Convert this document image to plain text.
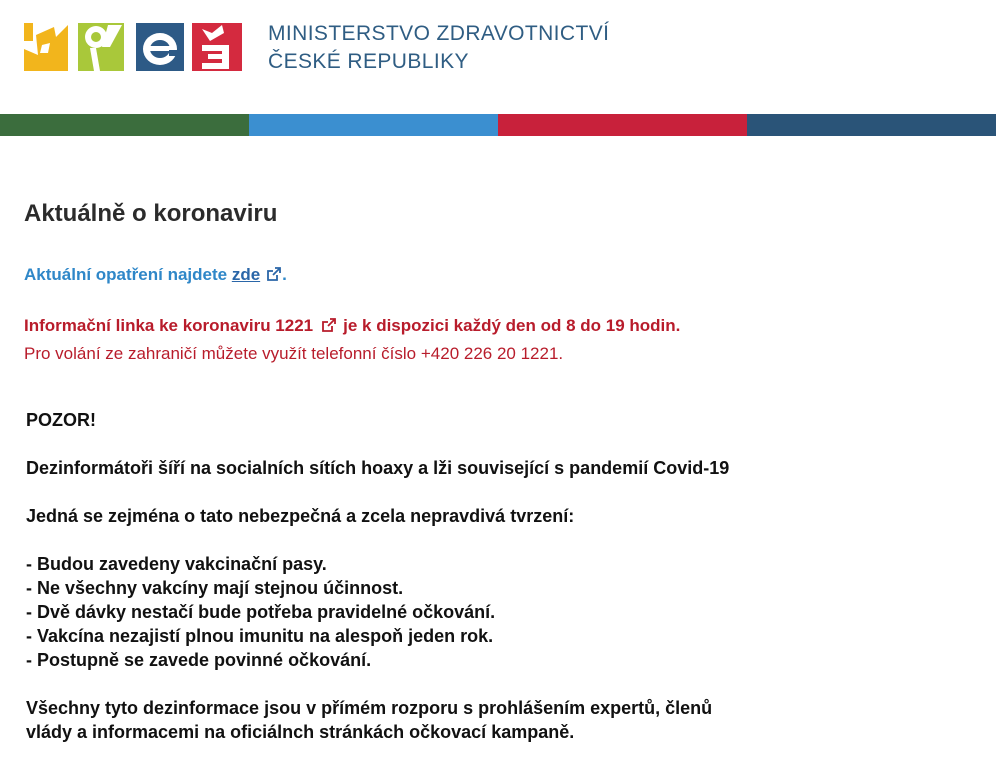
MINISTERSTVO ZDRAVOTNICTVÍ
ČESKÉ REPUBLIKY
Aktuálně o koronaviru
Aktuální opatření najdete zde .
Informační linka ke koronaviru 1221 je k dispozici každý den od 8 do 19 hodin.
Pro volání ze zahraničí můžete využít telefonní číslo +420 226 20 1221.

POZOR!

Dezinformátoři šíří na socialních sítích hoaxy a lži související s pandemií Covid-19

Jedná se zejména o tato nebezpečná a zcela nepravdivá tvrzení:

- Budou zavedeny vakcinační pasy.
- Ne všechny vakcíny mají stejnou účinnost.
- Dvě dávky nestačí bude potřeba pravidelné očkování.
- Vakcína nezajistí plnou imunitu na alespoň jeden rok.
- Postupně se zavede povinné očkování.

Všechny tyto dezinformace jsou v přímém rozporu s prohlášením expertů, členů

vlády a informacemi na oficiálnch stránkách očkovací kampaně.
